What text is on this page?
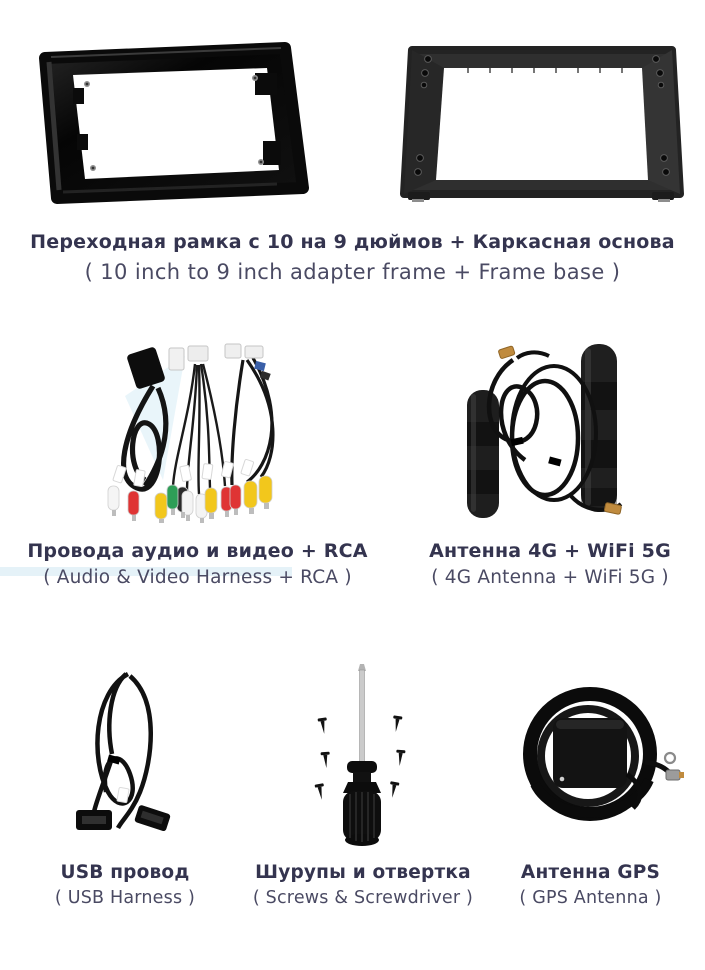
Переходная рамка с 10 на 9 дюймов + Каркасная основа

( 10 inch to 9 inch adapter frame + Frame base )

Провода аудио и видео + RCA

( Audio & Video Harness + RCA )

Антенна 4G + WiFi 5G

( 4G Antenna + WiFi 5G )

USB провод

( USB Harness )

Шурупы и отвертка

( Screws & Screwdriver )

Антенна GPS

( GPS Antenna )
